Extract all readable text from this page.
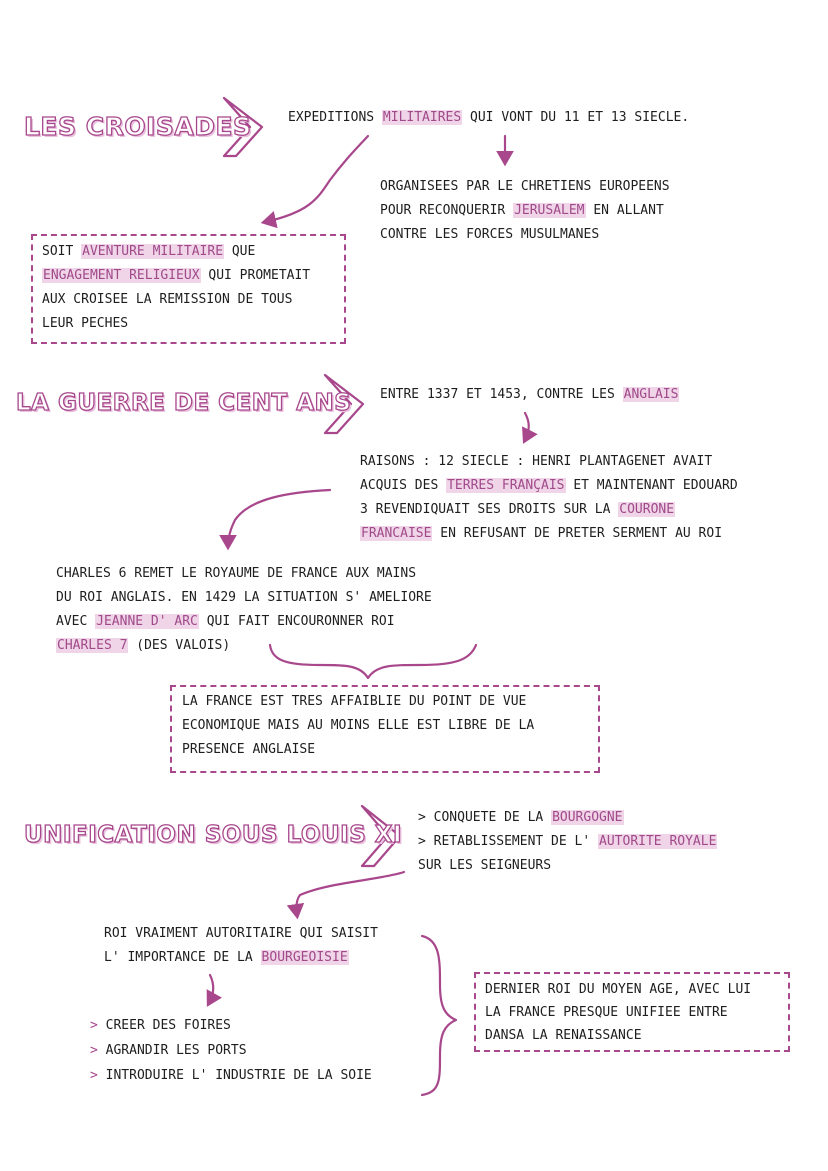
LES CROISADES	EXPEDITIONS MILITAIRES QUI VONT DU 11 ET 13 SIECLE.

ORGANISEES PAR LE CHRETIENS EUROPEENS
POUR RECONQUERIR JERUSALEM EN ALLANT
CONTRE LES FORCES MUSULMANES

SOIT AVENTURE MILITAIRE QUE
ENGAGEMENT RELIGIEUX QUI PROMETAIT
AUX CROISEE LA REMISSION DE TOUS
LEUR PECHES

LA GUERRE DE CENT ANS ENTRE 1337 ET 1453, CONTRE LES ANGLAIS

RAISONS : 12 SIECLE : HENRI PLANTAGENET AVAIT
ACQUIS DES TERRES FRANÇAIS ET MAINTENANT EDOUARD
3 REVENDIQUAIT SES DROITS SUR LA COURONE
FRANCAISE EN REFUSANT DE PRETER SERMENT AU ROI

CHARLES 6 REMET LE ROYAUME DE FRANCE AUX MAINS
DU ROI ANGLAIS. EN 1429 LA SITUATION S' AMELIORE
AVEC JEANNE D' ARC QUI FAIT ENCOURONNER ROI
CHARLES 7 (DES VALOIS)

LA FRANCE EST TRES AFFAIBLIE DU POINT DE VUE
ECONOMIQUE MAIS AU MOINS ELLE EST LIBRE DE LA
PRESENCE ANGLAISE

UNIFICATION SOUS LOUIS XI

> CONQUETE DE LA BOURGOGNE
> RETABLISSEMENT DE L' AUTORITE ROYALE
SUR LES SEIGNEURS

ROI VRAIMENT AUTORITAIRE QUI SAISIT
L' IMPORTANCE DE LA BOURGEOISIE

> CREER DES FOIRES
> AGRANDIR LES PORTS
> INTRODUIRE L' INDUSTRIE DE LA SOIE

DERNIER ROI DU MOYEN AGE, AVEC LUI
LA FRANCE PRESQUE UNIFIEE ENTRE
DANSA LA RENAISSANCE
